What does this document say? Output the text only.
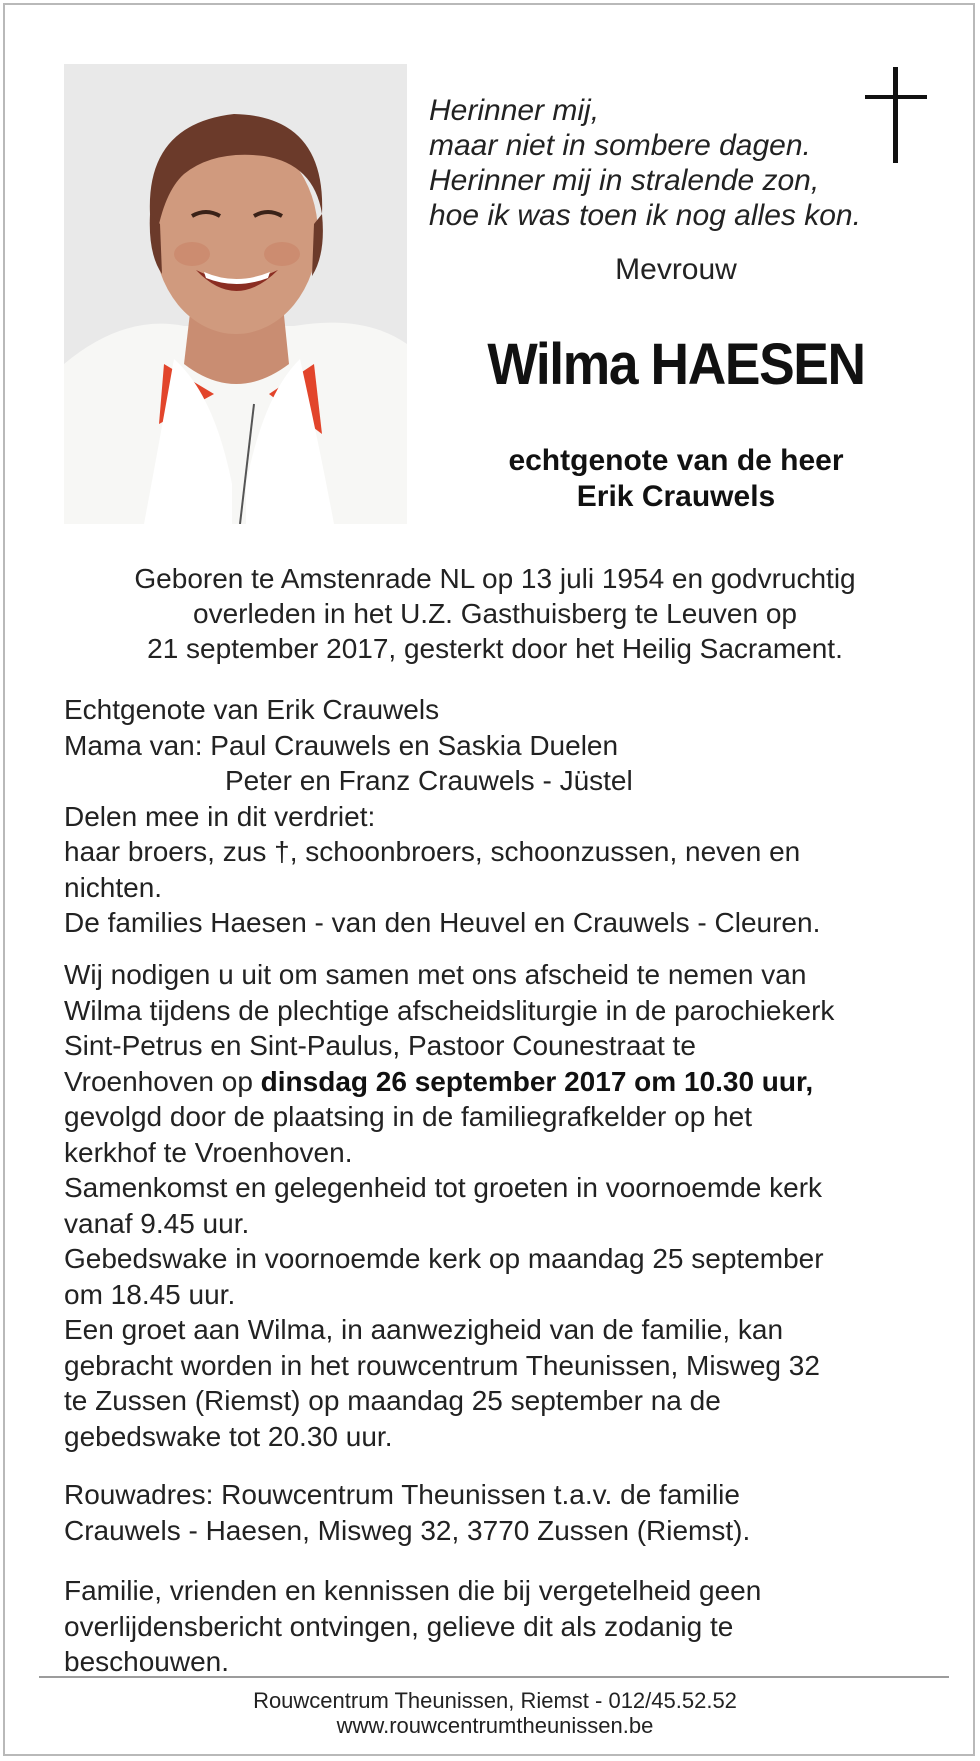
Herinner mij,
maar niet in sombere dagen.
Herinner mij in stralende zon,
hoe ik was toen ik nog alles kon.
Mevrouw
Wilma HAESEN
echtgenote van de heer
Erik Crauwels
Geboren te Amstenrade NL op 13 juli 1954 en godvruchtig
overleden in het U.Z. Gasthuisberg te Leuven op
21 september 2017, gesterkt door het Heilig Sacrament.
Echtgenote van Erik Crauwels
Mama van: Paul Crauwels en Saskia Duelen
Peter en Franz Crauwels - Jüstel
Delen mee in dit verdriet:
haar broers, zus †, schoonbroers, schoonzussen, neven en
nichten.
De families Haesen - van den Heuvel en Crauwels - Cleuren.
Wij nodigen u uit om samen met ons afscheid te nemen van
Wilma tijdens de plechtige afscheidsliturgie in de parochiekerk
Sint-Petrus en Sint-Paulus, Pastoor Counestraat te
Vroenhoven op dinsdag 26 september 2017 om 10.30 uur,
gevolgd door de plaatsing in de familiegrafkelder op het
kerkhof te Vroenhoven.
Samenkomst en gelegenheid tot groeten in voornoemde kerk
vanaf 9.45 uur.
Gebedswake in voornoemde kerk op maandag 25 september
om 18.45 uur.
Een groet aan Wilma, in aanwezigheid van de familie, kan
gebracht worden in het rouwcentrum Theunissen, Misweg 32
te Zussen (Riemst) op maandag 25 september na de
gebedswake tot 20.30 uur.
Rouwadres: Rouwcentrum Theunissen t.a.v. de familie
Crauwels - Haesen, Misweg 32, 3770 Zussen (Riemst).
Familie, vrienden en kennissen die bij vergetelheid geen
overlijdensbericht ontvingen, gelieve dit als zodanig te
beschouwen.
Rouwcentrum Theunissen, Riemst - 012/45.52.52
www.rouwcentrumtheunissen.be
